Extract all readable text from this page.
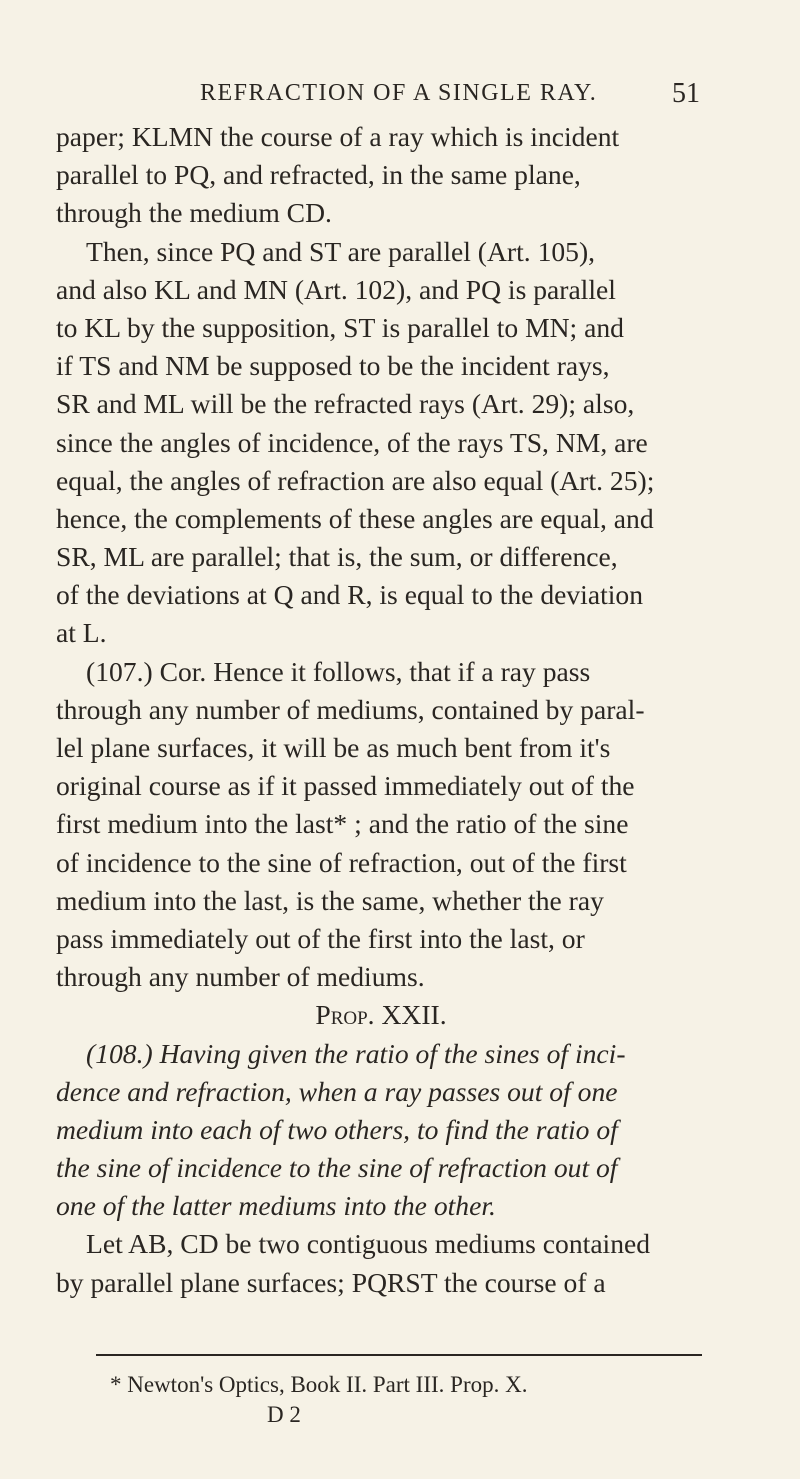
REFRACTION OF A SINGLE RAY.	51
paper; KLMN the course of a ray which is incident
parallel to PQ, and refracted, in the same plane,
through the medium CD.
Then, since PQ and ST are parallel (Art. 105),
and also KL and MN (Art. 102), and PQ is parallel
to KL by the supposition, ST is parallel to MN; and
if TS and NM be supposed to be the incident rays,
SR and ML will be the refracted rays (Art. 29); also,
since the angles of incidence, of the rays TS, NM, are
equal, the angles of refraction are also equal (Art. 25);
hence, the complements of these angles are equal, and
SR, ML are parallel; that is, the sum, or difference,
of the deviations at Q and R, is equal to the deviation
at L.
(107.) Cor. Hence it follows, that if a ray pass
through any number of mediums, contained by paral-
lel plane surfaces, it will be as much bent from it's
original course as if it passed immediately out of the
first medium into the last* ; and the ratio of the sine
of incidence to the sine of refraction, out of the first
medium into the last, is the same, whether the ray
pass immediately out of the first into the last, or
through any number of mediums.
Prop. XXII.
(108.) Having given the ratio of the sines of inci-
dence and refraction, when a ray passes out of one
medium into each of two others, to find the ratio of
the sine of incidence to the sine of refraction out of
one of the latter mediums into the other.
Let AB, CD be two contiguous mediums contained
by parallel plane surfaces; PQRST the course of a
* Newton's Optics, Book II. Part III. Prop. X.
D 2
